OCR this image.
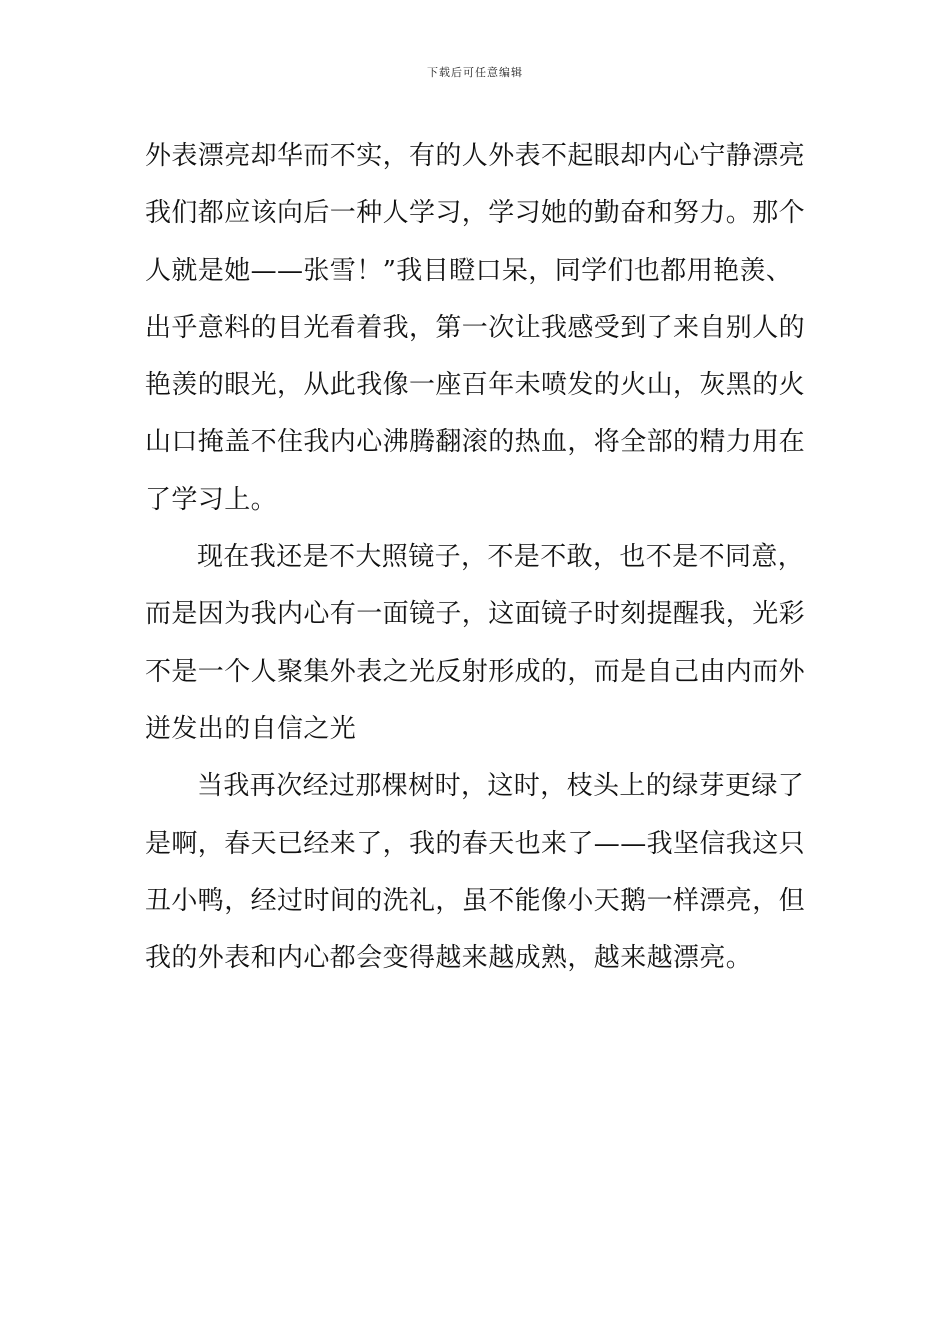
下载后可任意编辑
外表漂亮却华而不实，有的人外表不起眼却内心宁静漂亮
我们都应该向后一种人学习，学习她的勤奋和努力。那个
人就是她——张雪！”我目瞪口呆，同学们也都用艳羡、
出乎意料的目光看着我，第一次让我感受到了来自别人的
艳羡的眼光，从此我像一座百年未喷发的火山，灰黑的火
山口掩盖不住我内心沸腾翻滚的热血，将全部的精力用在
了学习上。
现在我还是不大照镜子，不是不敢，也不是不同意，
而是因为我内心有一面镜子，这面镜子时刻提醒我，光彩
不是一个人聚集外表之光反射形成的，而是自己由内而外
迸发出的自信之光
当我再次经过那棵树时，这时，枝头上的绿芽更绿了
是啊，春天已经来了，我的春天也来了——我坚信我这只
丑小鸭，经过时间的洗礼，虽不能像小天鹅一样漂亮，但
我的外表和内心都会变得越来越成熟，越来越漂亮。
